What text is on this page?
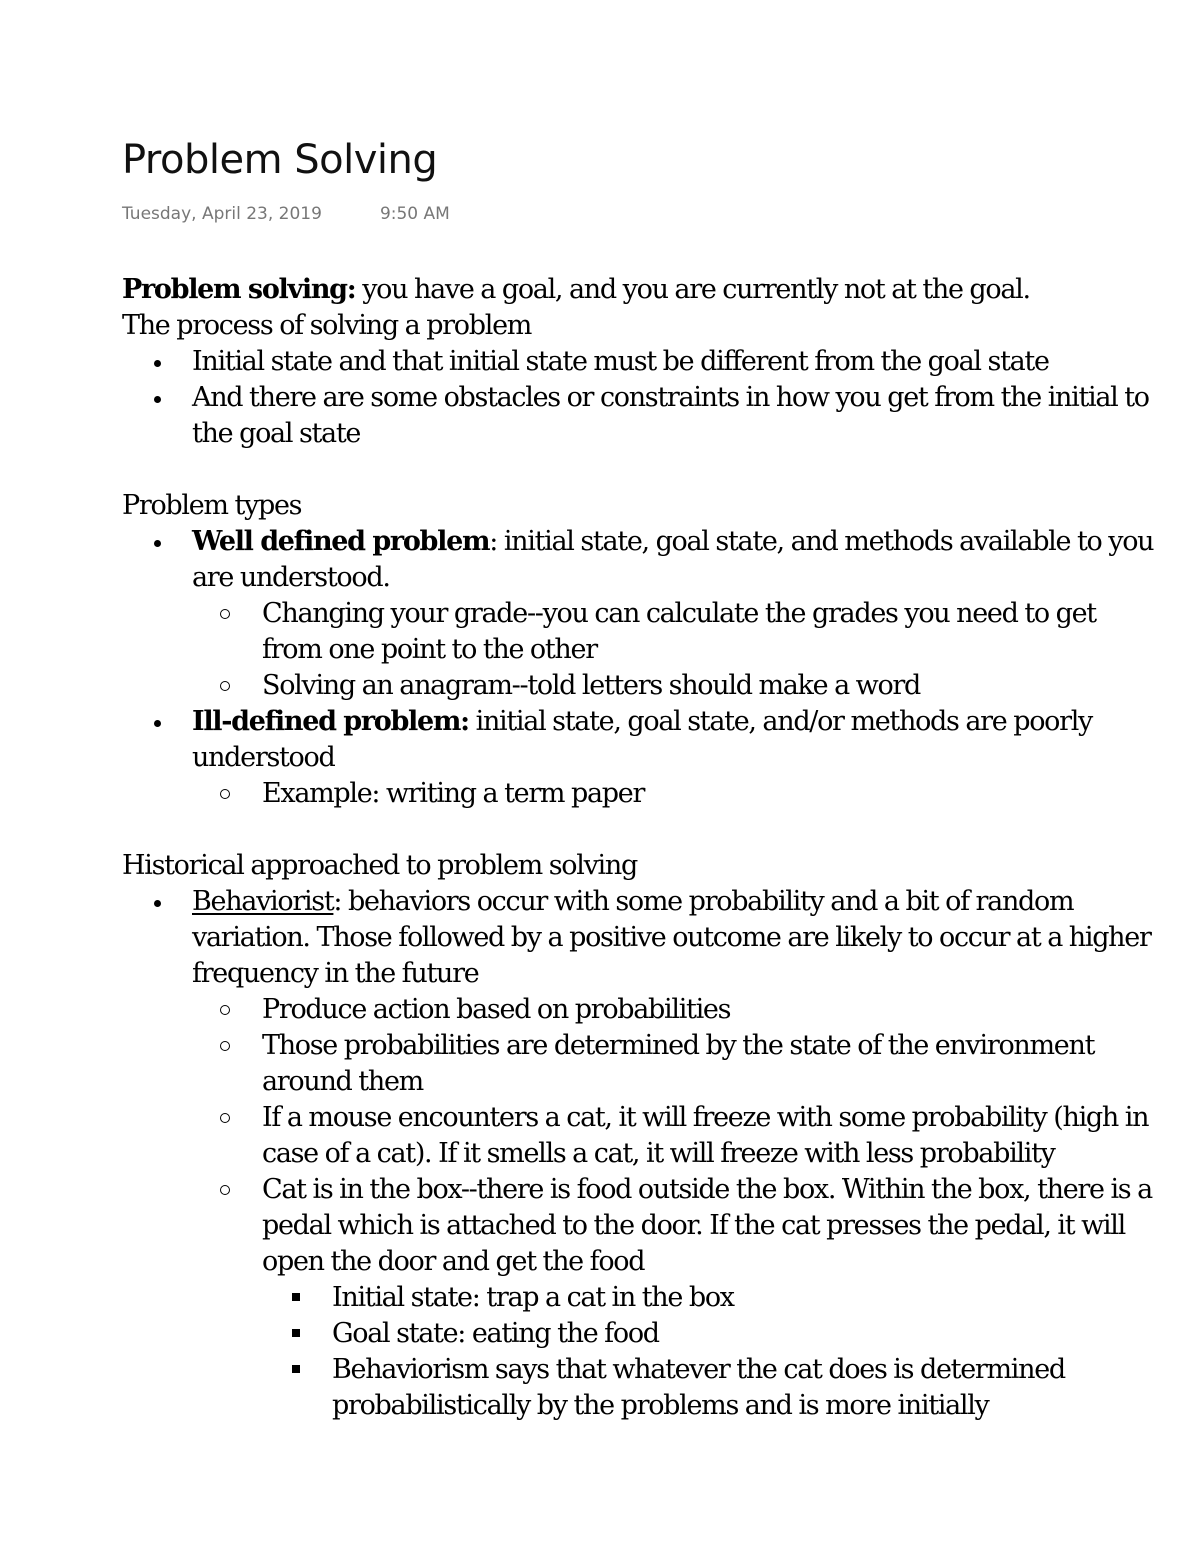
Problem Solving
Tuesday, April 23, 2019	9:50 AM

Problem solving: you have a goal, and you are currently not at the goal.

The process of solving a problem

Initial state and that initial state must be different from the goal state
And there are some obstacles or constraints in how you get from the initial to the goal state

Problem types

Well defined problem: initial state, goal state, and methods available to you are understood.
Changing your grade--you can calculate the grades you need to get from one point to the other
Solving an anagram--told letters should make a word
Ill-defined problem: initial state, goal state, and/or methods are poorly understood
Example: writing a term paper

Historical approached to problem solving

Behaviorist: behaviors occur with some probability and a bit of random variation. Those followed by a positive outcome are likely to occur at a higher frequency in the future
Produce action based on probabilities
Those probabilities are determined by the state of the environment around them
If a mouse encounters a cat, it will freeze with some probability (high in case of a cat). If it smells a cat, it will freeze with less probability
Cat is in the box--there is food outside the box. Within the box, there is a pedal which is attached to the door. If the cat presses the pedal, it will open the door and get the food
Initial state: trap a cat in the box
Goal state: eating the food
Behaviorism says that whatever the cat does is determined probabilistically by the problems and is more initially
